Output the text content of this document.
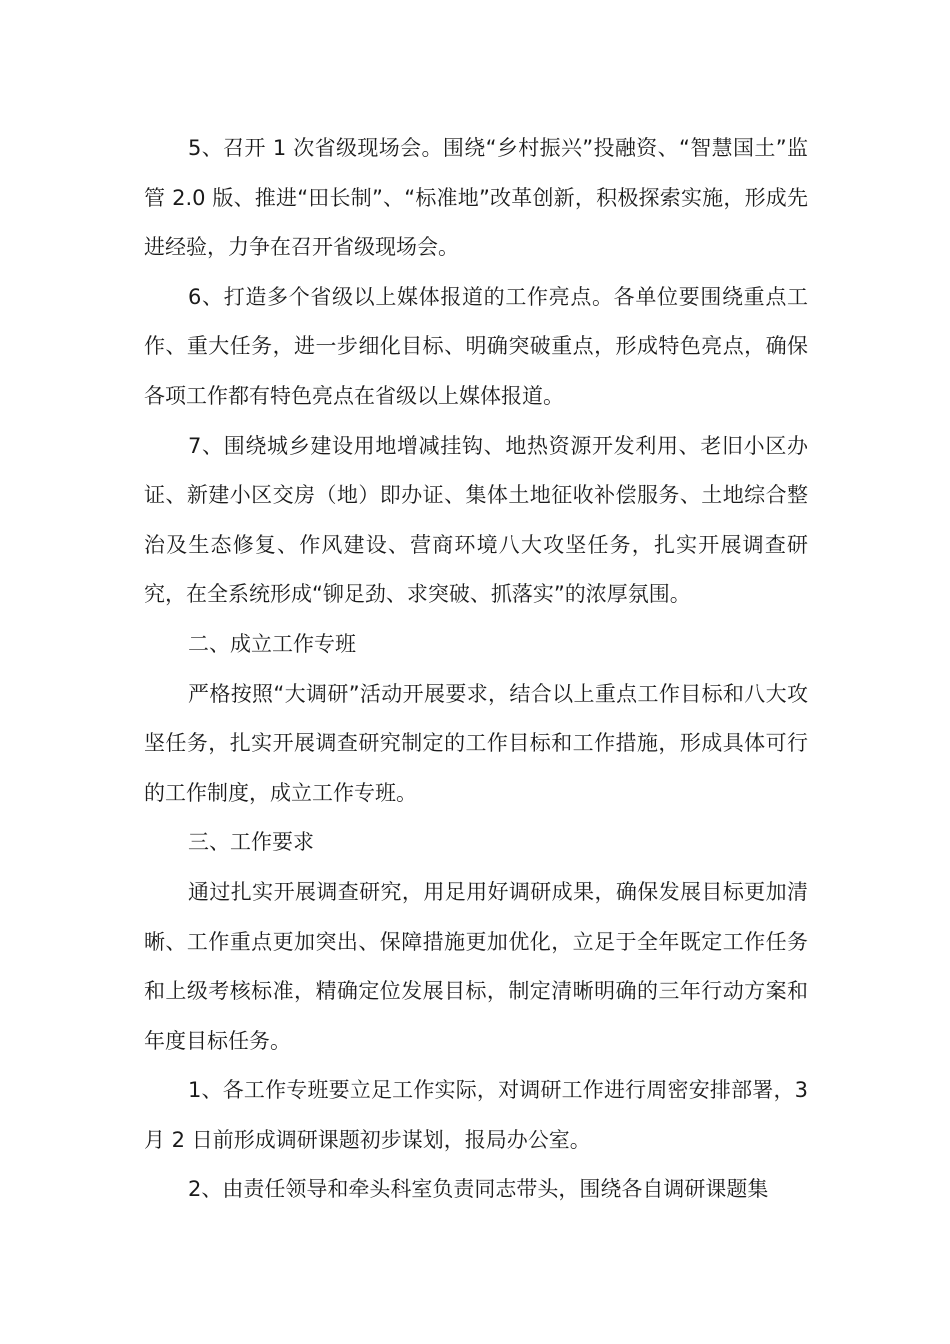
5、召开 1 次省级现场会。围绕“乡村振兴”投融资、“智慧国土”监管 2.0 版、推进“田长制”、“标准地”改革创新，积极探索实施，形成先进经验，力争在召开省级现场会。

6、打造多个省级以上媒体报道的工作亮点。各单位要围绕重点工作、重大任务，进一步细化目标、明确突破重点，形成特色亮点，确保各项工作都有特色亮点在省级以上媒体报道。

7、围绕城乡建设用地增减挂钩、地热资源开发利用、老旧小区办证、新建小区交房（地）即办证、集体土地征收补偿服务、土地综合整治及生态修复、作风建设、营商环境八大攻坚任务，扎实开展调查研究，在全系统形成“铆足劲、求突破、抓落实”的浓厚氛围。

二、成立工作专班

严格按照“大调研”活动开展要求，结合以上重点工作目标和八大攻坚任务，扎实开展调查研究制定的工作目标和工作措施，形成具体可行的工作制度，成立工作专班。

三、工作要求

通过扎实开展调查研究，用足用好调研成果，确保发展目标更加清晰、工作重点更加突出、保障措施更加优化，立足于全年既定工作任务和上级考核标准，精确定位发展目标，制定清晰明确的三年行动方案和年度目标任务。

1、各工作专班要立足工作实际，对调研工作进行周密安排部署，3 月 2 日前形成调研课题初步谋划，报局办公室。

2、由责任领导和牵头科室负责同志带头，围绕各自调研课题集
